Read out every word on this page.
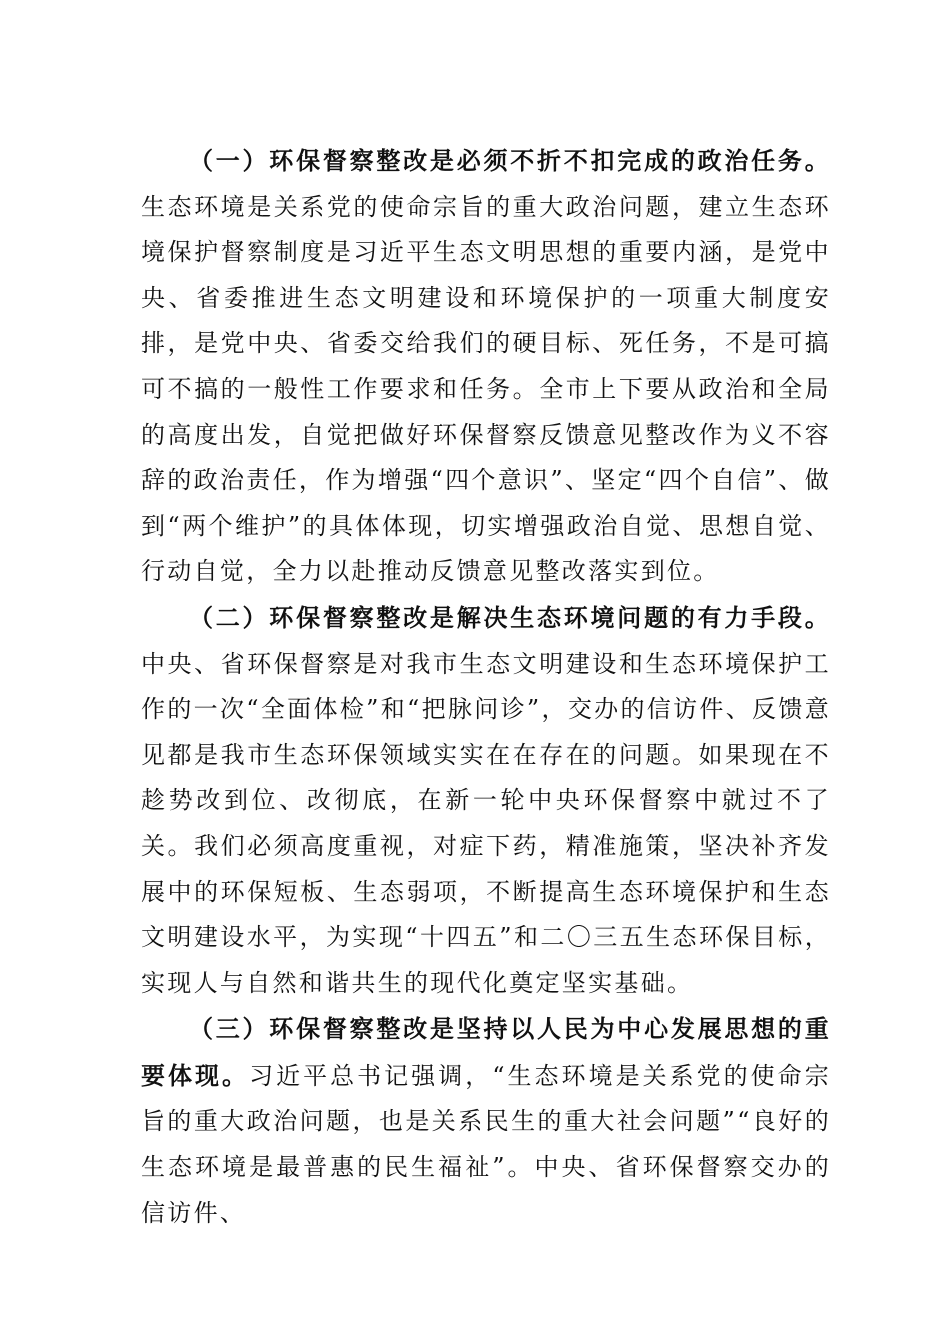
（一）环保督察整改是必须不折不扣完成的政治任务。生态环境是关系党的使命宗旨的重大政治问题，建立生态环境保护督察制度是习近平生态文明思想的重要内涵，是党中央、省委推进生态文明建设和环境保护的一项重大制度安排，是党中央、省委交给我们的硬目标、死任务，不是可搞可不搞的一般性工作要求和任务。全市上下要从政治和全局的高度出发，自觉把做好环保督察反馈意见整改作为义不容辞的政治责任，作为增强“四个意识”、坚定“四个自信”、做到“两个维护”的具体体现，切实增强政治自觉、思想自觉、行动自觉，全力以赴推动反馈意见整改落实到位。

（二）环保督察整改是解决生态环境问题的有力手段。中央、省环保督察是对我市生态文明建设和生态环境保护工作的一次“全面体检”和“把脉问诊”，交办的信访件、反馈意见都是我市生态环保领域实实在在存在的问题。如果现在不趁势改到位、改彻底，在新一轮中央环保督察中就过不了关。我们必须高度重视，对症下药，精准施策，坚决补齐发展中的环保短板、生态弱项，不断提高生态环境保护和生态文明建设水平，为实现“十四五”和二〇三五生态环保目标，实现人与自然和谐共生的现代化奠定坚实基础。

（三）环保督察整改是坚持以人民为中心发展思想的重要体现。习近平总书记强调，“生态环境是关系党的使命宗旨的重大政治问题，也是关系民生的重大社会问题”“良好的生态环境是最普惠的民生福祉”。中央、省环保督察交办的信访件、
